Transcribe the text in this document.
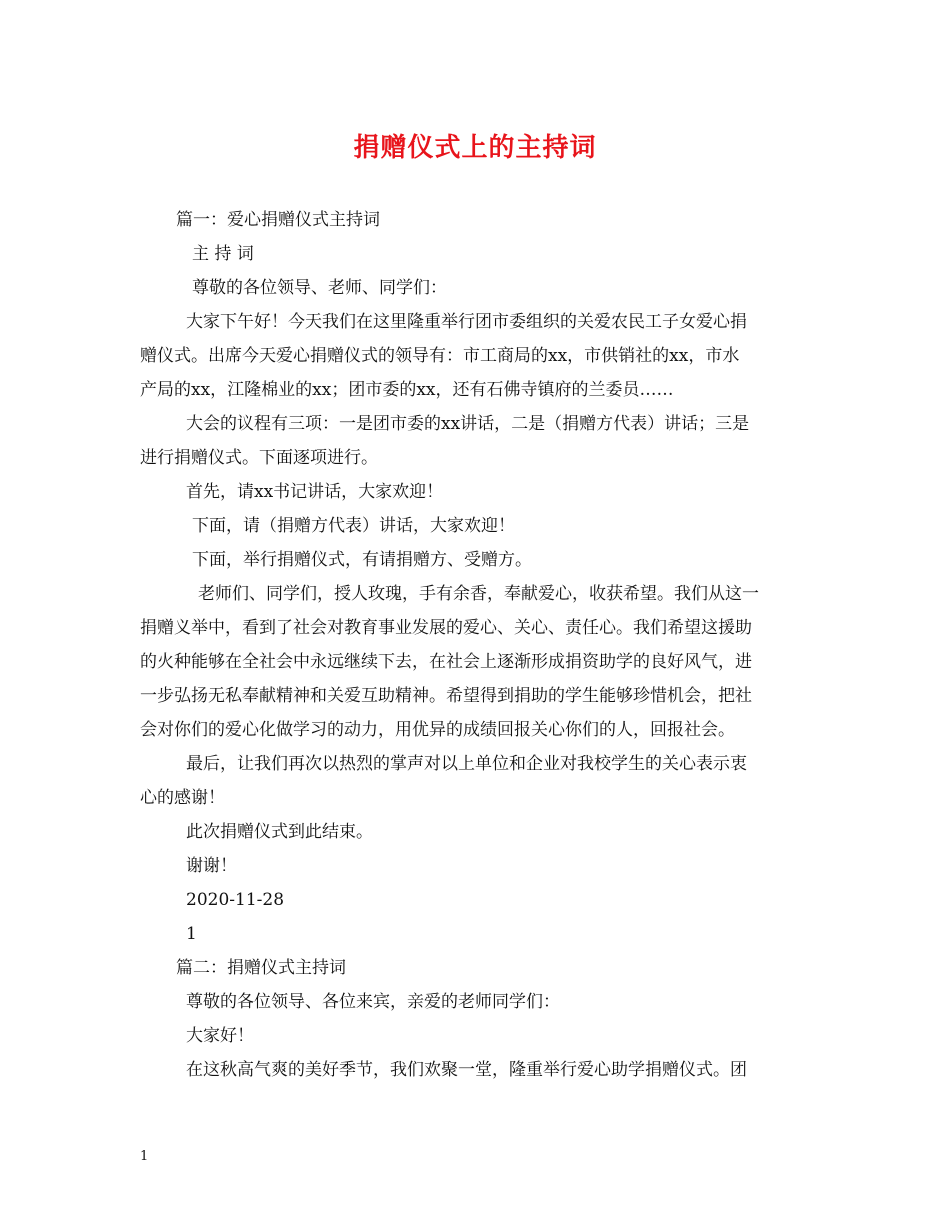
捐赠仪式上的主持词
篇一：爱心捐赠仪式主持词
主 持 词
尊敬的各位领导、老师、同学们：
大家下午好！今天我们在这里隆重举行团市委组织的关爱农民工子女爱心捐
赠仪式。出席今天爱心捐赠仪式的领导有：市工商局的xx，市供销社的xx，市水
产局的xx，江隆棉业的xx；团市委的xx，还有石佛寺镇府的兰委员……
大会的议程有三项：一是团市委的xx讲话，二是（捐赠方代表）讲话；三是
进行捐赠仪式。下面逐项进行。
首先，请xx书记讲话，大家欢迎！
下面，请（捐赠方代表）讲话，大家欢迎！
下面，举行捐赠仪式，有请捐赠方、受赠方。
老师们、同学们，授人玫瑰，手有余香，奉献爱心，收获希望。我们从这一
捐赠义举中，看到了社会对教育事业发展的爱心、关心、责任心。我们希望这援助
的火种能够在全社会中永远继续下去，在社会上逐渐形成捐资助学的良好风气，进
一步弘扬无私奉献精神和关爱互助精神。希望得到捐助的学生能够珍惜机会，把社
会对你们的爱心化做学习的动力，用优异的成绩回报关心你们的人，回报社会。
最后，让我们再次以热烈的掌声对以上单位和企业对我校学生的关心表示衷
心的感谢！
此次捐赠仪式到此结束。
谢谢！
2020-11-28
1
篇二：捐赠仪式主持词
尊敬的各位领导、各位来宾，亲爱的老师同学们：
大家好！
在这秋高气爽的美好季节，我们欢聚一堂，隆重举行爱心助学捐赠仪式。团
1
